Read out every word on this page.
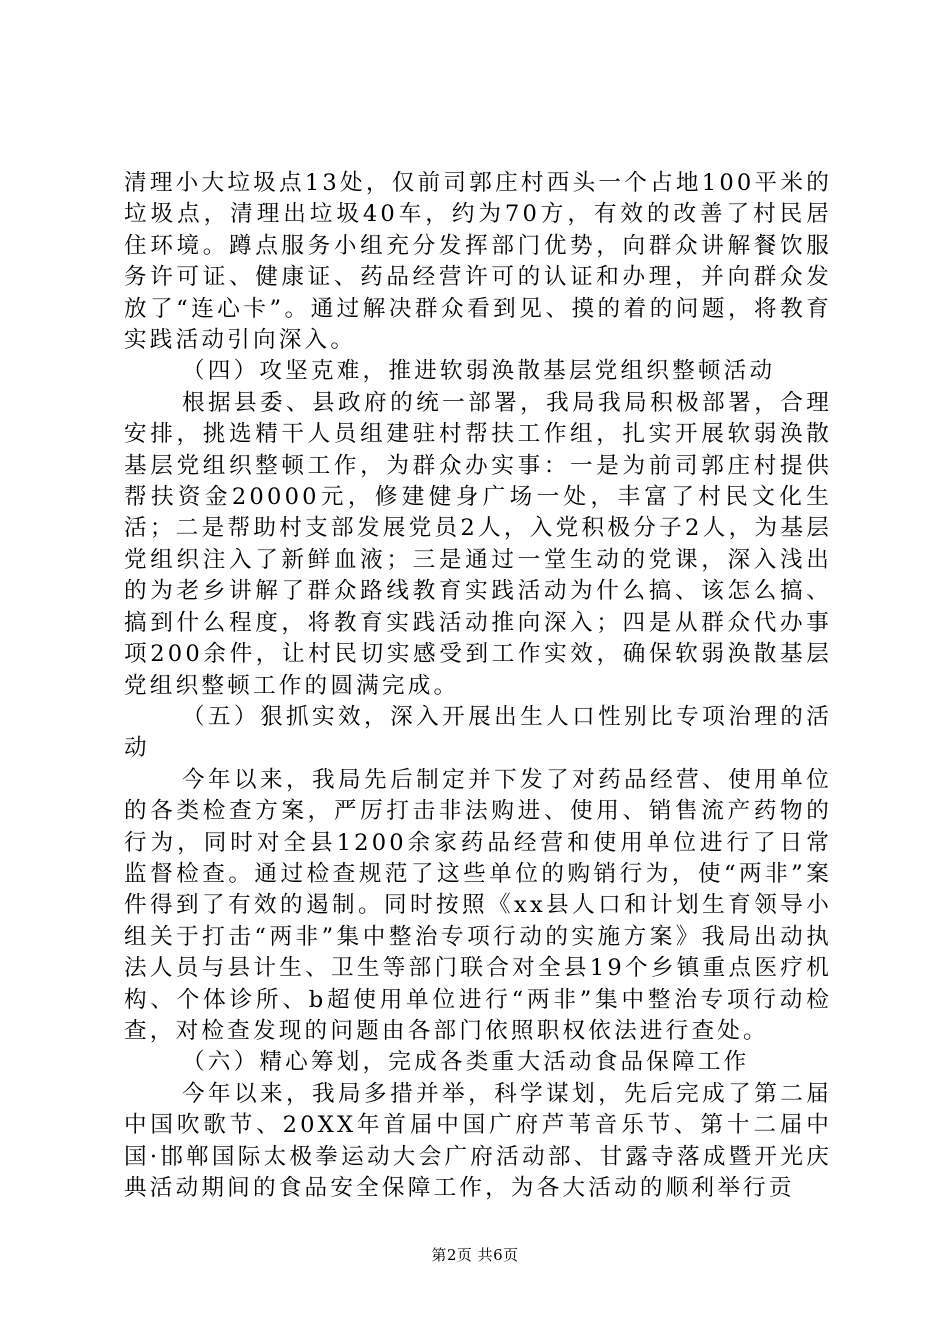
清理小大垃圾点13处，仅前司郭庄村西头一个占地100平米的垃圾点，清理出垃圾40车，约为70方，有效的改善了村民居住环境。蹲点服务小组充分发挥部门优势，向群众讲解餐饮服务许可证、健康证、药品经营许可的认证和办理，并向群众发放了“连心卡”。通过解决群众看到见、摸的着的问题，将教育实践活动引向深入。

（四）攻坚克难，推进软弱涣散基层党组织整顿活动

根据县委、县政府的统一部署，我局我局积极部署，合理安排，挑选精干人员组建驻村帮扶工作组，扎实开展软弱涣散基层党组织整顿工作，为群众办实事：一是为前司郭庄村提供帮扶资金20000元，修建健身广场一处，丰富了村民文化生活；二是帮助村支部发展党员2人，入党积极分子2人，为基层党组织注入了新鲜血液；三是通过一堂生动的党课，深入浅出的为老乡讲解了群众路线教育实践活动为什么搞、该怎么搞、搞到什么程度，将教育实践活动推向深入；四是从群众代办事项200余件，让村民切实感受到工作实效，确保软弱涣散基层党组织整顿工作的圆满完成。

（五）狠抓实效，深入开展出生人口性别比专项治理的活动

今年以来，我局先后制定并下发了对药品经营、使用单位的各类检查方案，严厉打击非法购进、使用、销售流产药物的行为，同时对全县1200余家药品经营和使用单位进行了日常监督检查。通过检查规范了这些单位的购销行为，使“两非”案件得到了有效的遏制。同时按照《xx县人口和计划生育领导小组关于打击“两非”集中整治专项行动的实施方案》我局出动执法人员与县计生、卫生等部门联合对全县19个乡镇重点医疗机构、个体诊所、b超使用单位进行“两非”集中整治专项行动检查，对检查发现的问题由各部门依照职权依法进行查处。

（六）精心筹划，完成各类重大活动食品保障工作

今年以来，我局多措并举，科学谋划，先后完成了第二届中国吹歌节、20XX年首届中国广府芦苇音乐节、第十二届中国·邯郸国际太极拳运动大会广府活动部、甘露寺落成暨开光庆典活动期间的食品安全保障工作，为各大活动的顺利举行贡

第2页 共6页
